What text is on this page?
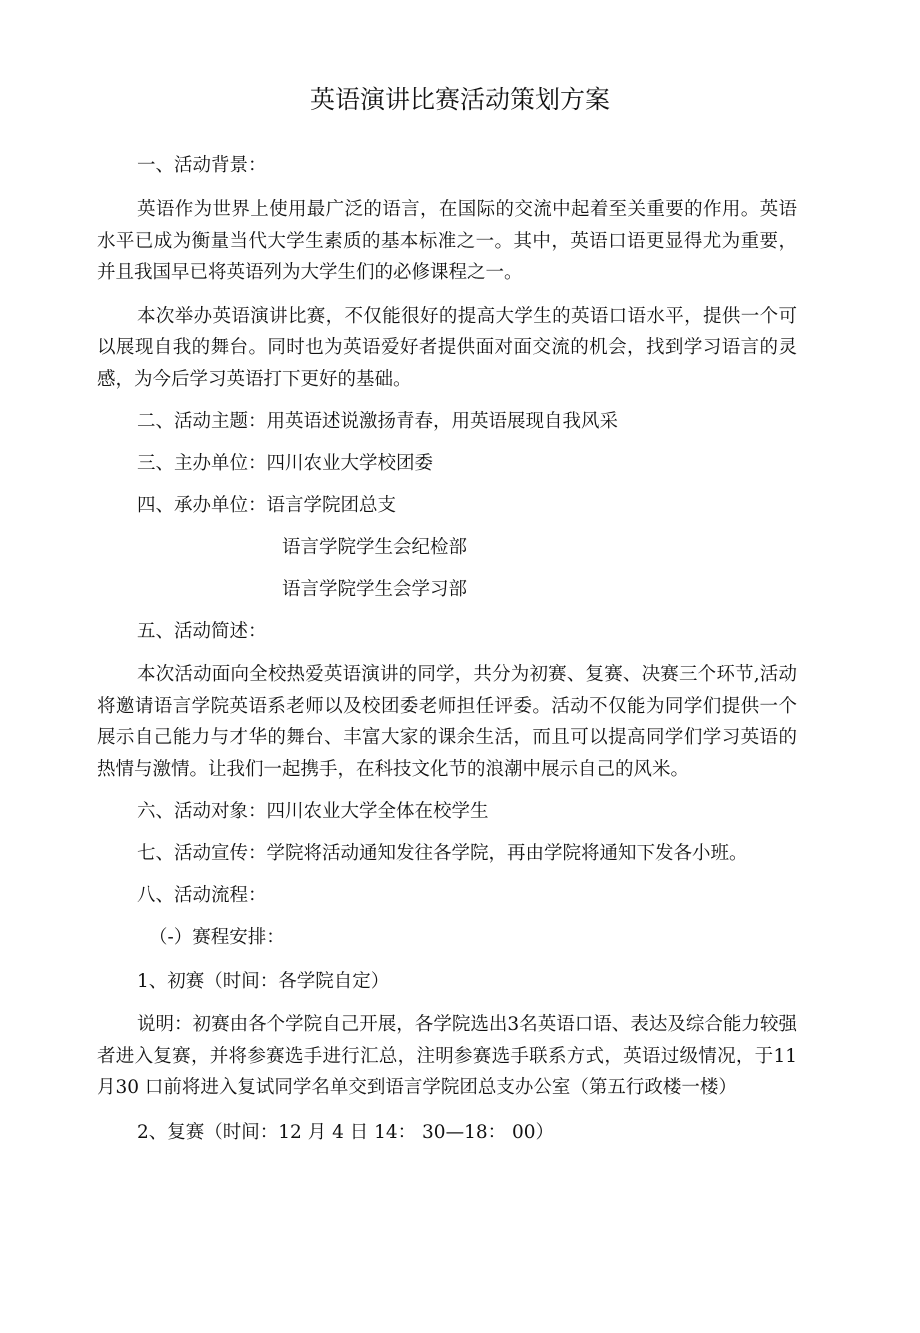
英语演讲比赛活动策划方案

一、活动背景：

英语作为世界上使用最广泛的语言，在国际的交流中起着至关重要的作用。英语水平已成为衡量当代大学生素质的基本标准之一。其中，英语口语更显得尤为重要，并且我国早已将英语列为大学生们的必修课程之一。

本次举办英语演讲比赛，不仅能很好的提高大学生的英语口语水平，提供一个可以展现自我的舞台。同时也为英语爱好者提供面对面交流的机会，找到学习语言的灵感，为今后学习英语打下更好的基础。

二、活动主题：用英语述说激扬青春，用英语展现自我风采

三、主办单位：四川农业大学校团委

四、承办单位：语言学院团总支

语言学院学生会纪检部

语言学院学生会学习部

五、活动简述：

本次活动面向全校热爱英语演讲的同学，共分为初赛、复赛、决赛三个环节,活动将邀请语言学院英语系老师以及校团委老师担任评委。活动不仅能为同学们提供一个展示自己能力与才华的舞台、丰富大家的课余生活，而且可以提高同学们学习英语的热情与激情。让我们一起携手，在科技文化节的浪潮中展示自己的风米。

六、活动对象：四川农业大学全体在校学生

七、活动宣传：学院将活动通知发往各学院，再由学院将通知下发各小班。

八、活动流程：

（-）赛程安排：

1、初赛（时间：各学院自定）

说明：初赛由各个学院自己开展，各学院选出3名英语口语、表达及综合能力较强者进入复赛，并将参赛选手进行汇总，注明参赛选手联系方式，英语过级情况，于11月30 口前将进入复试同学名单交到语言学院团总支办公室（第五行政楼一楼）

2、复赛（时间：12 月 4 日 14： 30—18： 00）
